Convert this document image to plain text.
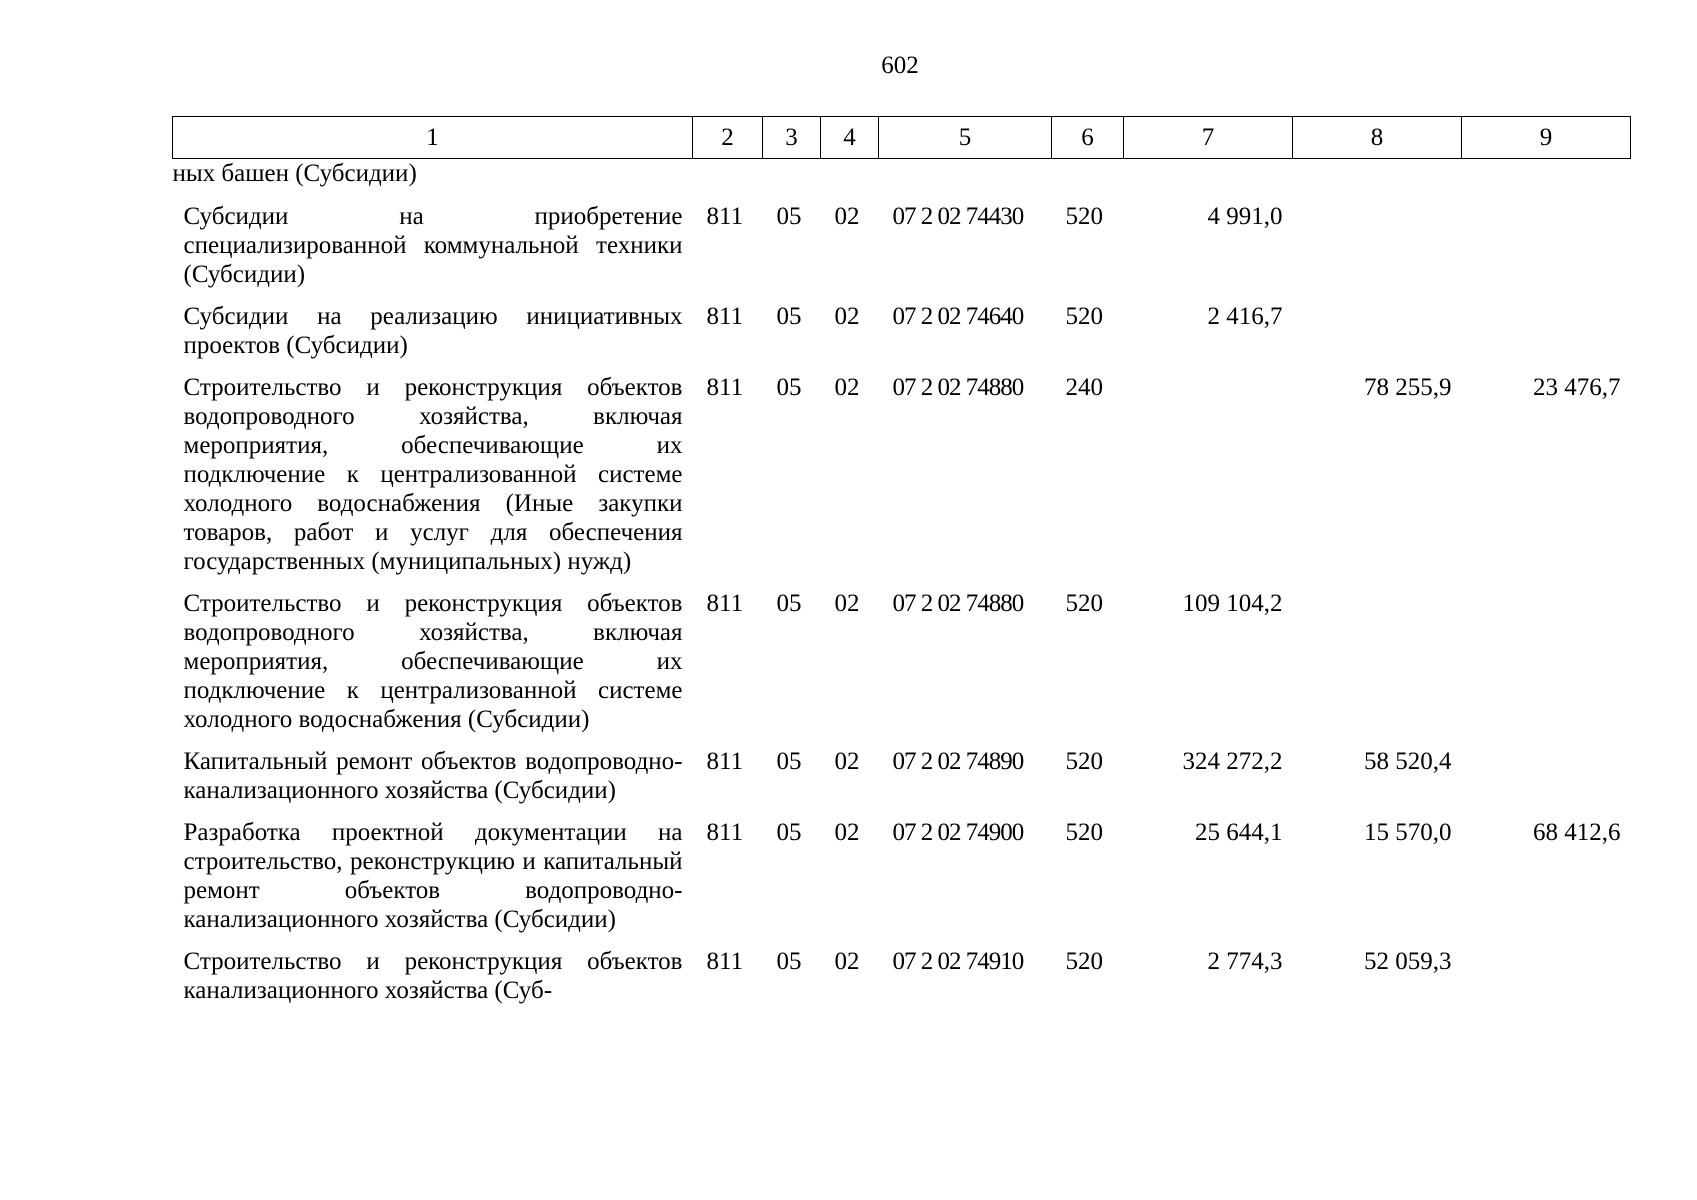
602
1	2	3	4	5	6	7	8	9
ных башен (Субсидии)								
Субсидии на приобретение специализированной коммунальной техники (Субсидии)	811	05	02	07 2 02 74430	520	4 991,0		
Субсидии на реализацию инициативных проектов (Субсидии)	811	05	02	07 2 02 74640	520	2 416,7		
Строительство и реконструкция объектов водопроводного хозяйства, включая мероприятия, обеспечивающие их подключение к централизованной системе холодного водоснабжения (Иные закупки товаров, работ и услуг для обеспечения государственных (муниципальных) нужд)	811	05	02	07 2 02 74880	240		78 255,9	23 476,7
Строительство и реконструкция объектов водопроводного хозяйства, включая мероприятия, обеспечивающие их подключение к централизованной системе холодного водоснабжения (Субсидии)	811	05	02	07 2 02 74880	520	109 104,2		
Капитальный ремонт объектов водопроводно-канализационного хозяйства (Субсидии)	811	05	02	07 2 02 74890	520	324 272,2	58 520,4	
Разработка проектной документации на строительство, реконструкцию и капитальный ремонт объектов водопроводно-канализационного хозяйства (Субсидии)	811	05	02	07 2 02 74900	520	25 644,1	15 570,0	68 412,6
Строительство и реконструкция объектов канализационного хозяйства (Суб-	811	05	02	07 2 02 74910	520	2 774,3	52 059,3	
